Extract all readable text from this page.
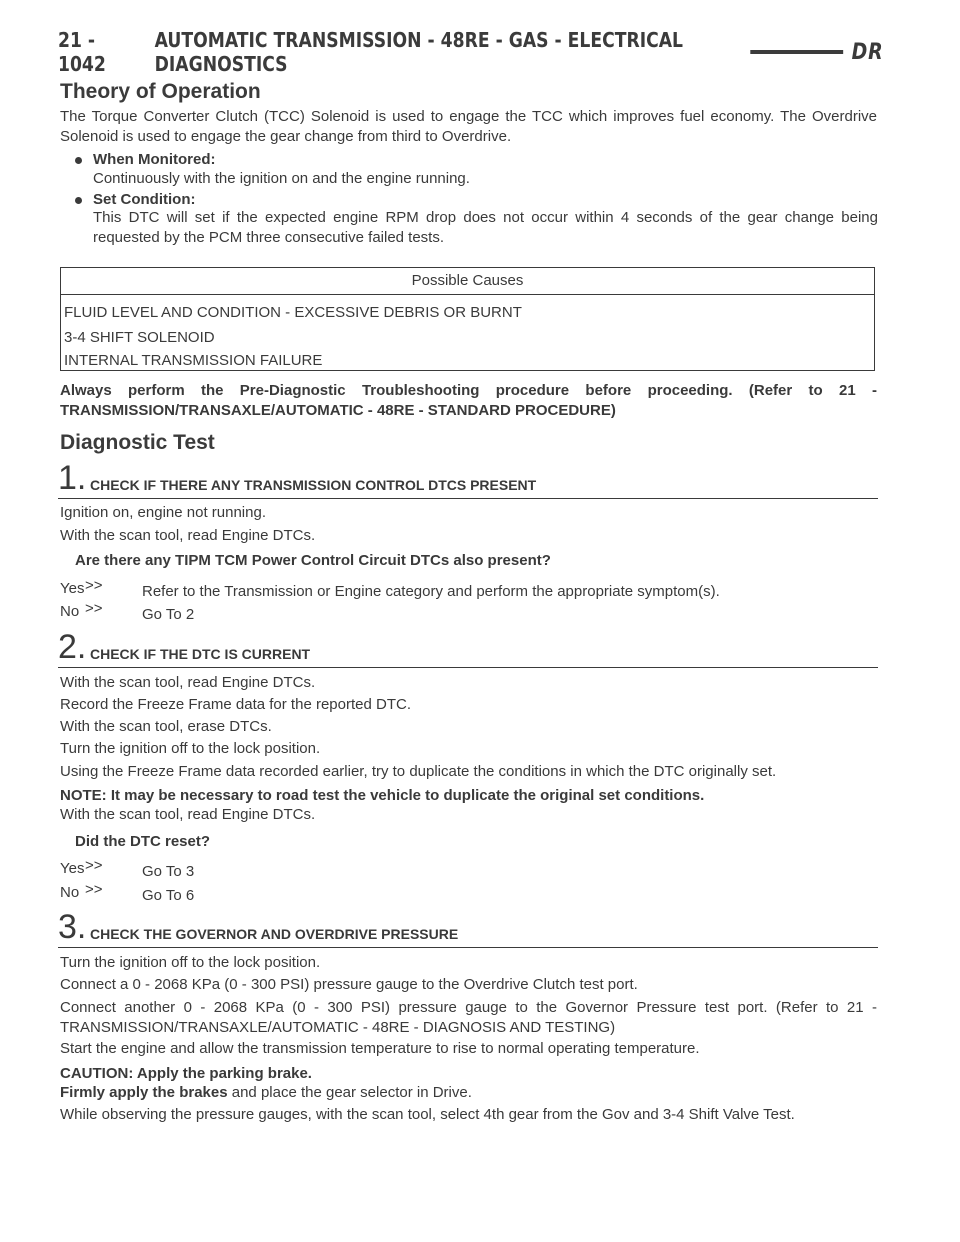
21 - 1042
AUTOMATIC TRANSMISSION - 48RE - GAS - ELECTRICAL DIAGNOSTICS	DR
Theory of Operation

The Torque Converter Clutch (TCC) Solenoid is used to engage the TCC which improves fuel economy. The Overdrive Solenoid is used to engage the gear change from third to Overdrive.

When Monitored:
Continuously with the ignition on and the engine running.
Set Condition:
This DTC will set if the expected engine RPM drop does not occur within 4 seconds of the gear change being requested by the PCM three consecutive failed tests.
Possible Causes
FLUID LEVEL AND CONDITION - EXCESSIVE DEBRIS OR BURNT
3-4 SHIFT SOLENOID
INTERNAL TRANSMISSION FAILURE

Always perform the Pre-Diagnostic Troubleshooting procedure before proceeding. (Refer to 21 - TRANSMISSION/TRANSAXLE/AUTOMATIC - 48RE - STANDARD PROCEDURE)

Diagnostic Test
1. CHECK IF THERE ANY TRANSMISSION CONTROL DTCS PRESENT

Ignition on, engine not running.

With the scan tool, read Engine DTCs.

Are there any TIPM TCM Power Control Circuit DTCs also present?
Yes >>	Refer to the Transmission or Engine category and perform the appropriate symptom(s).
No >>	Go To 2
2. CHECK IF THE DTC IS CURRENT

With the scan tool, read Engine DTCs.

Record the Freeze Frame data for the reported DTC.

With the scan tool, erase DTCs.

Turn the ignition off to the lock position.

Using the Freeze Frame data recorded earlier, try to duplicate the conditions in which the DTC originally set.

NOTE: It may be necessary to road test the vehicle to duplicate the original set conditions.

With the scan tool, read Engine DTCs.

Did the DTC reset?
Yes >>	Go To 3
No >>	Go To 6
3. CHECK THE GOVERNOR AND OVERDRIVE PRESSURE

Turn the ignition off to the lock position.

Connect a 0 - 2068 KPa (0 - 300 PSI) pressure gauge to the Overdrive Clutch test port.

Connect another 0 - 2068 KPa (0 - 300 PSI) pressure gauge to the Governor Pressure test port. (Refer to 21 - TRANSMISSION/TRANSAXLE/AUTOMATIC - 48RE - DIAGNOSIS AND TESTING)

Start the engine and allow the transmission temperature to rise to normal operating temperature.

CAUTION: Apply the parking brake.

Firmly apply the brakes and place the gear selector in Drive.

While observing the pressure gauges, with the scan tool, select 4th gear from the Gov and 3-4 Shift Valve Test.
